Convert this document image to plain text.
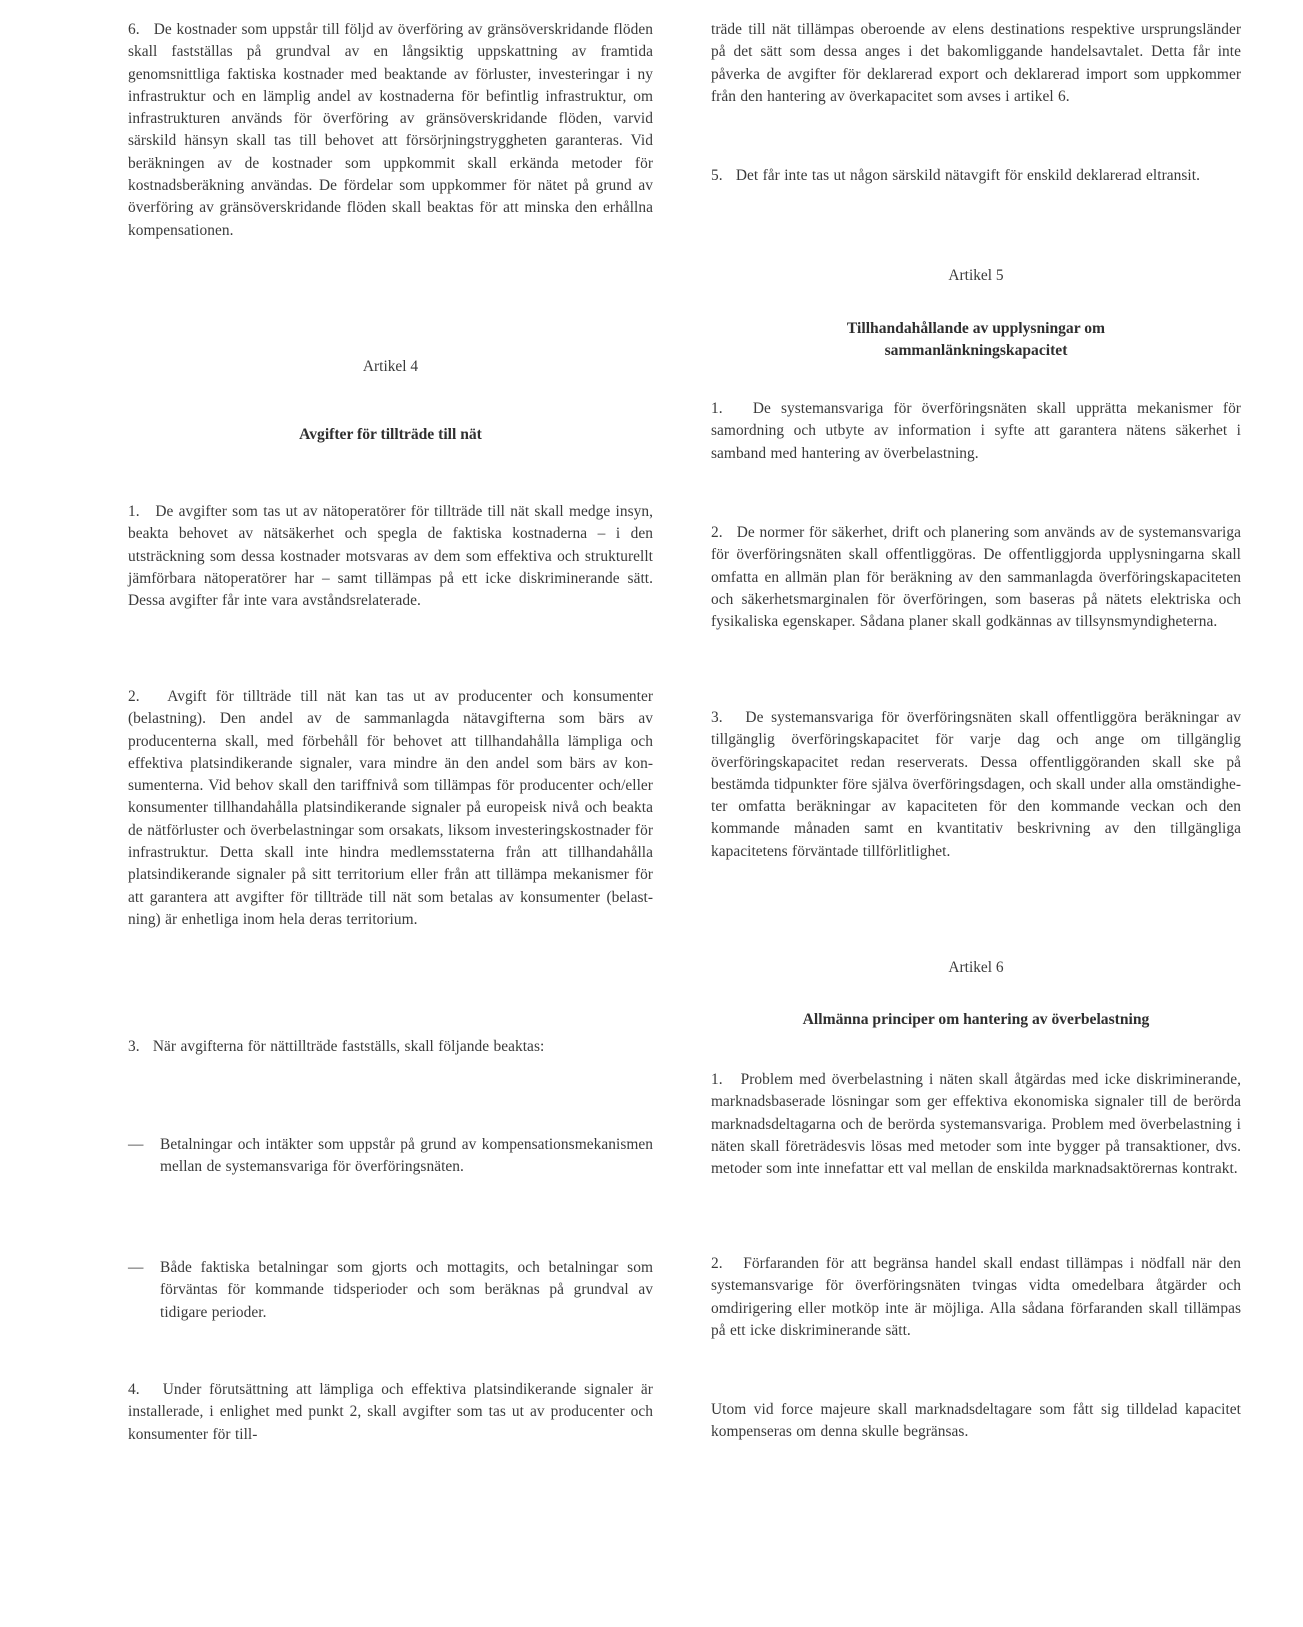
6.   De kostnader som uppstår till följd av överföring av gränsöverskridande flöden skall fastställas på grundval av en långsiktig uppskattning av framtida genomsnittliga faktiska kostnader med beaktande av förluster, investeringar i ny infrastruktur och en lämplig andel av kostnaderna för befintlig infrastruktur, om infrastrukturen används för överföring av gränsöverskridande flöden, varvid särskild hänsyn skall tas till behovet att försörjningstryggheten garanteras. Vid beräkningen av de kostnader som uppkommit skall erkända metoder för kostnadsberäkning användas. De fördelar som uppkommer för nätet på grund av överföring av gränsöverskridande flöden skall beaktas för att minska den erhållna kompensationen.

Artikel 4
Avgifter för tillträde till nät

1.   De avgifter som tas ut av nätoperatörer för tillträde till nät skall medge insyn, beakta behovet av nätsäkerhet och spegla de faktiska kostnaderna – i den utsträckning som dessa kostnader motsvaras av dem som effektiva och strukturellt jämförbara nätoperatörer har – samt tillämpas på ett icke diskriminerande sätt. Dessa avgifter får inte vara avståndsrelaterade.

2.   Avgift för tillträde till nät kan tas ut av producenter och konsumenter (belastning). Den andel av de sammanlagda nätavgifterna som bärs av producenterna skall, med förbehåll för behovet att tillhandahålla lämpliga och effektiva platsindikerande signaler, vara mindre än den andel som bärs av konsumenterna. Vid behov skall den tariffnivå som tillämpas för producenter och/eller konsumenter tillhandahålla platsindikerande signaler på europeisk nivå och beakta de nätförluster och överbelastningar som orsakats, liksom investeringskostnader för infrastruktur. Detta skall inte hindra medlemsstaterna från att tillhandahålla platsindikerande signaler på sitt territorium eller från att tillämpa mekanismer för att garantera att avgifter för tillträde till nät som betalas av konsumenter (belastning) är enhetliga inom hela deras territorium.

3.   När avgifterna för nättillträde fastställs, skall följande beaktas:

— Betalningar och intäkter som uppstår på grund av kompensationsmekanismen mellan de systemansvariga för överföringsnäten.

— Både faktiska betalningar som gjorts och mottagits, och betalningar som förväntas för kommande tidsperioder och som beräknas på grundval av tidigare perioder.

4.   Under förutsättning att lämpliga och effektiva platsindikerande signaler är installerade, i enlighet med punkt 2, skall avgifter som tas ut av producenter och konsumenter för till-

träde till nät tillämpas oberoende av elens destinations respektive ursprungsländer på det sätt som dessa anges i det bakomliggande handelsavtalet. Detta får inte påverka de avgifter för deklarerad export och deklarerad import som uppkommer från den hantering av överkapacitet som avses i artikel 6.

5.   Det får inte tas ut någon särskild nätavgift för enskild deklarerad eltransit.

Artikel 5
Tillhandahållande av upplysningar om
sammanlänkningskapacitet

1.   De systemansvariga för överföringsnäten skall upprätta mekanismer för samordning och utbyte av information i syfte att garantera nätens säkerhet i samband med hantering av överbelastning.

2.   De normer för säkerhet, drift och planering som används av de systemansvariga för överföringsnäten skall offentliggöras. De offentliggjorda upplysningarna skall omfatta en allmän plan för beräkning av den sammanlagda överföringskapaciteten och säkerhetsmarginalen för överföringen, som baseras på nätets elektriska och fysikaliska egenskaper. Sådana planer skall godkännas av tillsynsmyndigheterna.

3.   De systemansvariga för överföringsnäten skall offentliggöra beräkningar av tillgänglig överföringskapacitet för varje dag och ange om tillgänglig överföringskapacitet redan reserverats. Dessa offentliggöranden skall ske på bestämda tidpunkter före själva överföringsdagen, och skall under alla omständigheter omfatta beräkningar av kapaciteten för den kommande veckan och den kommande månaden samt en kvantitativ beskrivning av den tillgängliga kapacitetens förväntade tillförlitlighet.

Artikel 6
Allmänna principer om hantering av överbelastning

1.   Problem med överbelastning i näten skall åtgärdas med icke diskriminerande, marknadsbaserade lösningar som ger effektiva ekonomiska signaler till de berörda marknadsdeltagarna och de berörda systemansvariga. Problem med överbelastning i näten skall företrädesvis lösas med metoder som inte bygger på transaktioner, dvs. metoder som inte innefattar ett val mellan de enskilda marknadsaktörernas kontrakt.

2.   Förfaranden för att begränsa handel skall endast tillämpas i nödfall när den systemansvarige för överföringsnäten tvingas vidta omedelbara åtgärder och omdirigering eller motköp inte är möjliga. Alla sådana förfaranden skall tillämpas på ett icke diskriminerande sätt.

Utom vid force majeure skall marknadsdeltagare som fått sig tilldelad kapacitet kompenseras om denna skulle begränsas.
